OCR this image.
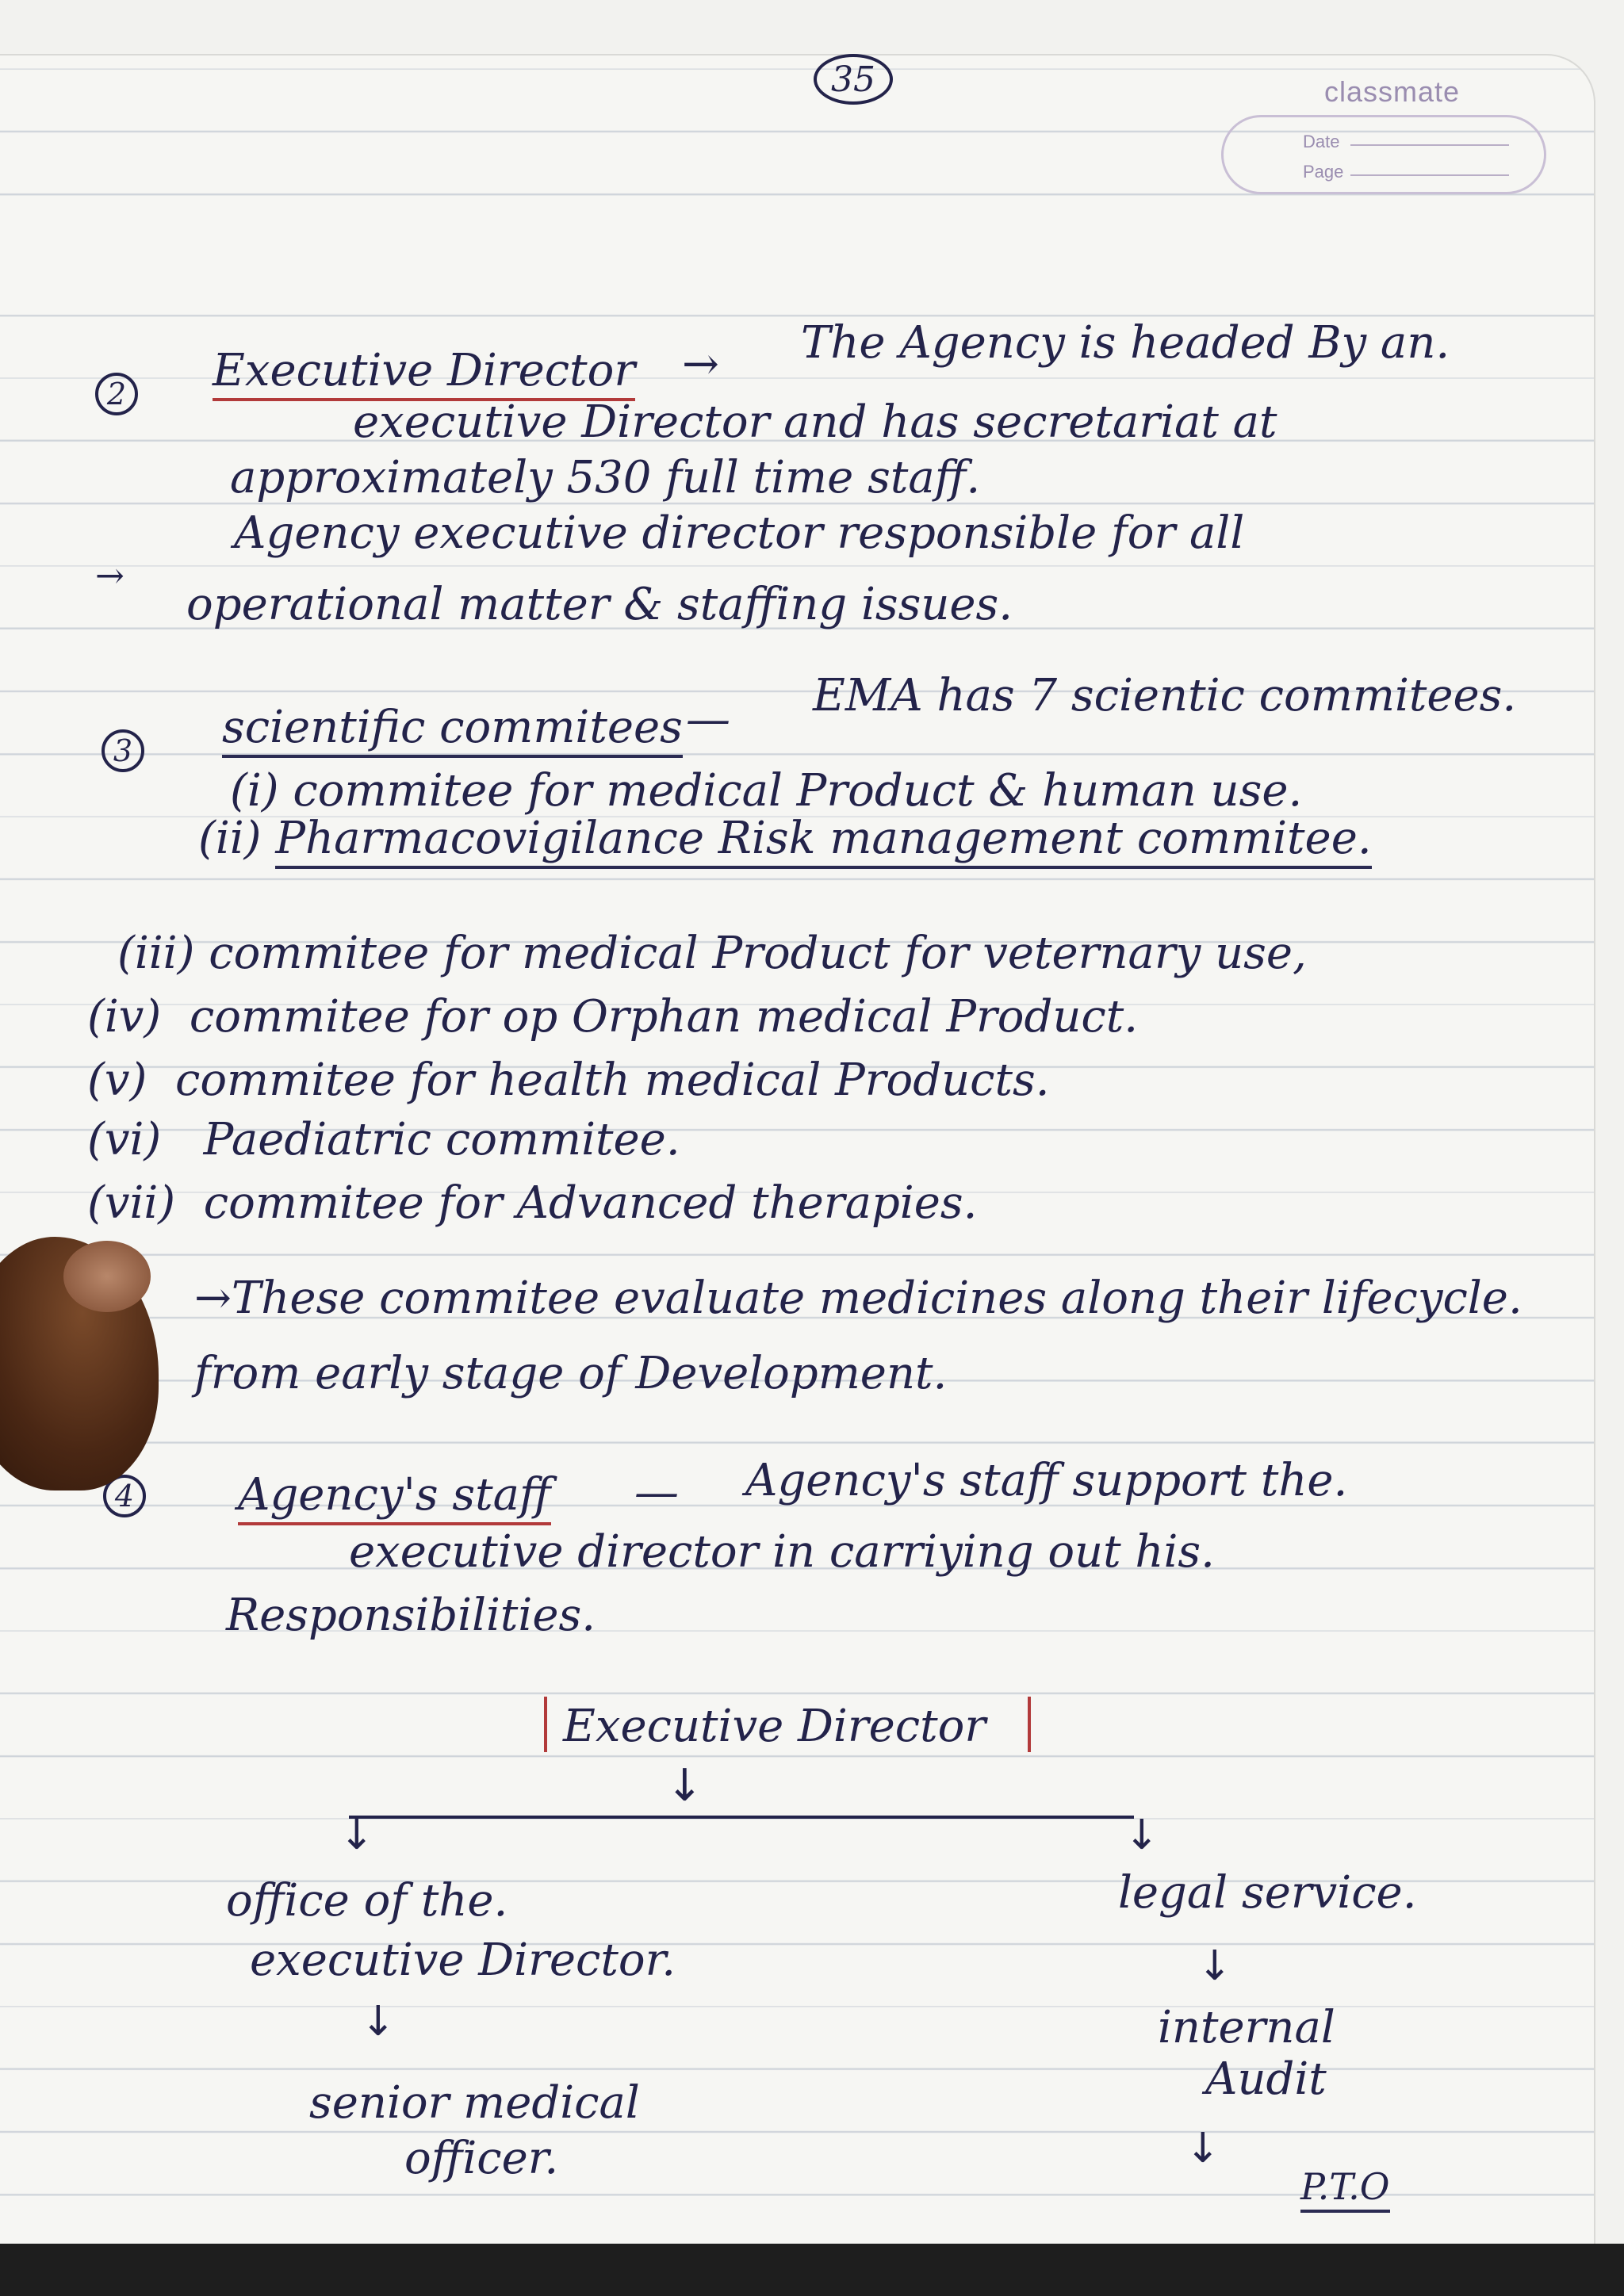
35	classmate
Date
Page
2 Executive Director → The Agency is headed By an.
executive Director and has secretariat at
approximately 530 full time staff.
→
Agency executive director responsible for all
operational matter & staffing issues.
3 scientific commitees — EMA has 7 scientic commitees.
(i) commitee for medical Product & human use.
(ii) Pharmacovigilance Risk management commitee.
(iii) commitee for medical Product for veternary use,
(iv) commitee for op Orphan medical Product.
(v) commitee for health medical Products.
(vi) Paediatric commitee.
(vii) commitee for Advanced therapies.
→These commitee evaluate medicines along their lifecycle.
from early stage of Development.
4 Agency's staff — Agency's staff support the.
executive director in carriying out his.
Responsibilities.
Executive Director
↓
↓	↓
office of the.
executive Director.
↓
senior medical
officer.
legal service.
↓
internal
Audit
↓
P.T.O
